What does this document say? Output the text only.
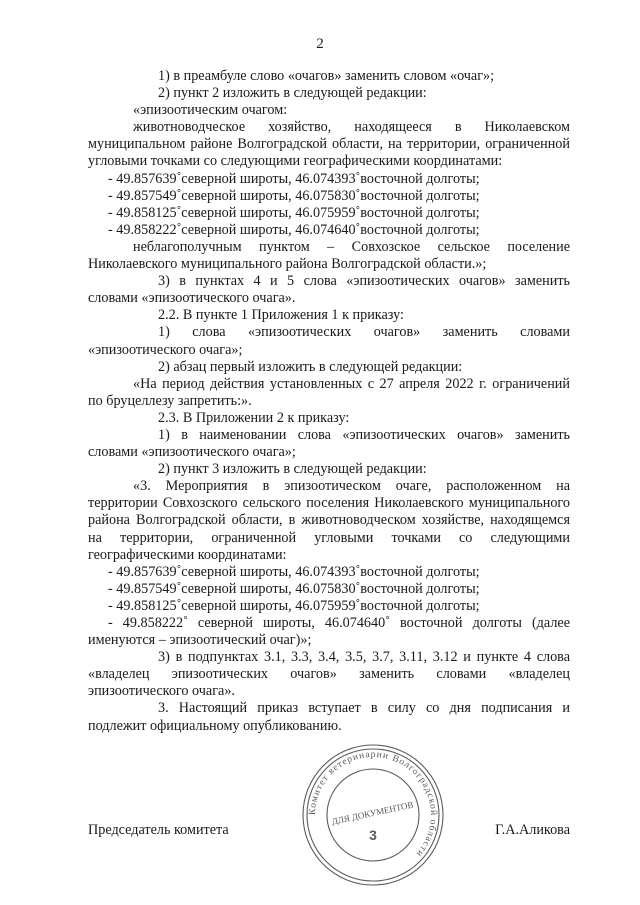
2

1) в преамбуле слово «очагов» заменить словом «очаг»;

2) пункт 2 изложить в следующей редакции:

«эпизоотическим очагом:

животноводческое хозяйство, находящееся в Николаевском муниципальном районе Волгоградской области, на территории, ограниченной угловыми точками со следующими географическими координатами:

- 49.857639˚северной широты, 46.074393˚восточной долготы;

- 49.857549˚северной широты, 46.075830˚восточной долготы;

- 49.858125˚северной широты, 46.075959˚восточной долготы;

- 49.858222˚северной широты, 46.074640˚восточной долготы;

неблагополучным пунктом – Совхозское сельское поселение Николаевского муниципального района Волгоградской области.»;

3) в пунктах 4 и 5 слова «эпизоотических очагов» заменить словами «эпизоотического очага».

2.2. В пункте 1 Приложения 1 к приказу:

1) слова «эпизоотических очагов» заменить словами «эпизоотического очага»;

2) абзац первый изложить в следующей редакции:

«На период действия установленных с 27 апреля 2022 г. ограничений по бруцеллезу запретить:».

2.3. В Приложении 2 к приказу:

1) в наименовании слова «эпизоотических очагов» заменить словами «эпизоотического очага»;

2) пункт 3 изложить в следующей редакции:

«3. Мероприятия в эпизоотическом очаге, расположенном на территории Совхозского сельского поселения Николаевского муниципального района Волгоградской области, в животноводческом хозяйстве, находящемся на территории, ограниченной угловыми точками со следующими географическими координатами:

- 49.857639˚северной широты, 46.074393˚восточной долготы;

- 49.857549˚северной широты, 46.075830˚восточной долготы;

- 49.858125˚северной широты, 46.075959˚восточной долготы;

- 49.858222˚ северной широты, 46.074640˚ восточной долготы (далее именуются – эпизоотический очаг)»;

3) в подпунктах 3.1, 3.3, 3.4, 3.5, 3.7, 3.11, 3.12 и пункте 4 слова «владелец эпизоотических очагов» заменить словами «владелец эпизоотического очага».

3. Настоящий приказ вступает в силу со дня подписания и подлежит официальному опубликованию.

Председатель комитета	Г.А.Аликова
Комитет ветеринарии Волгоградской области
ДЛЯ ДОКУМЕНТОВ
3
